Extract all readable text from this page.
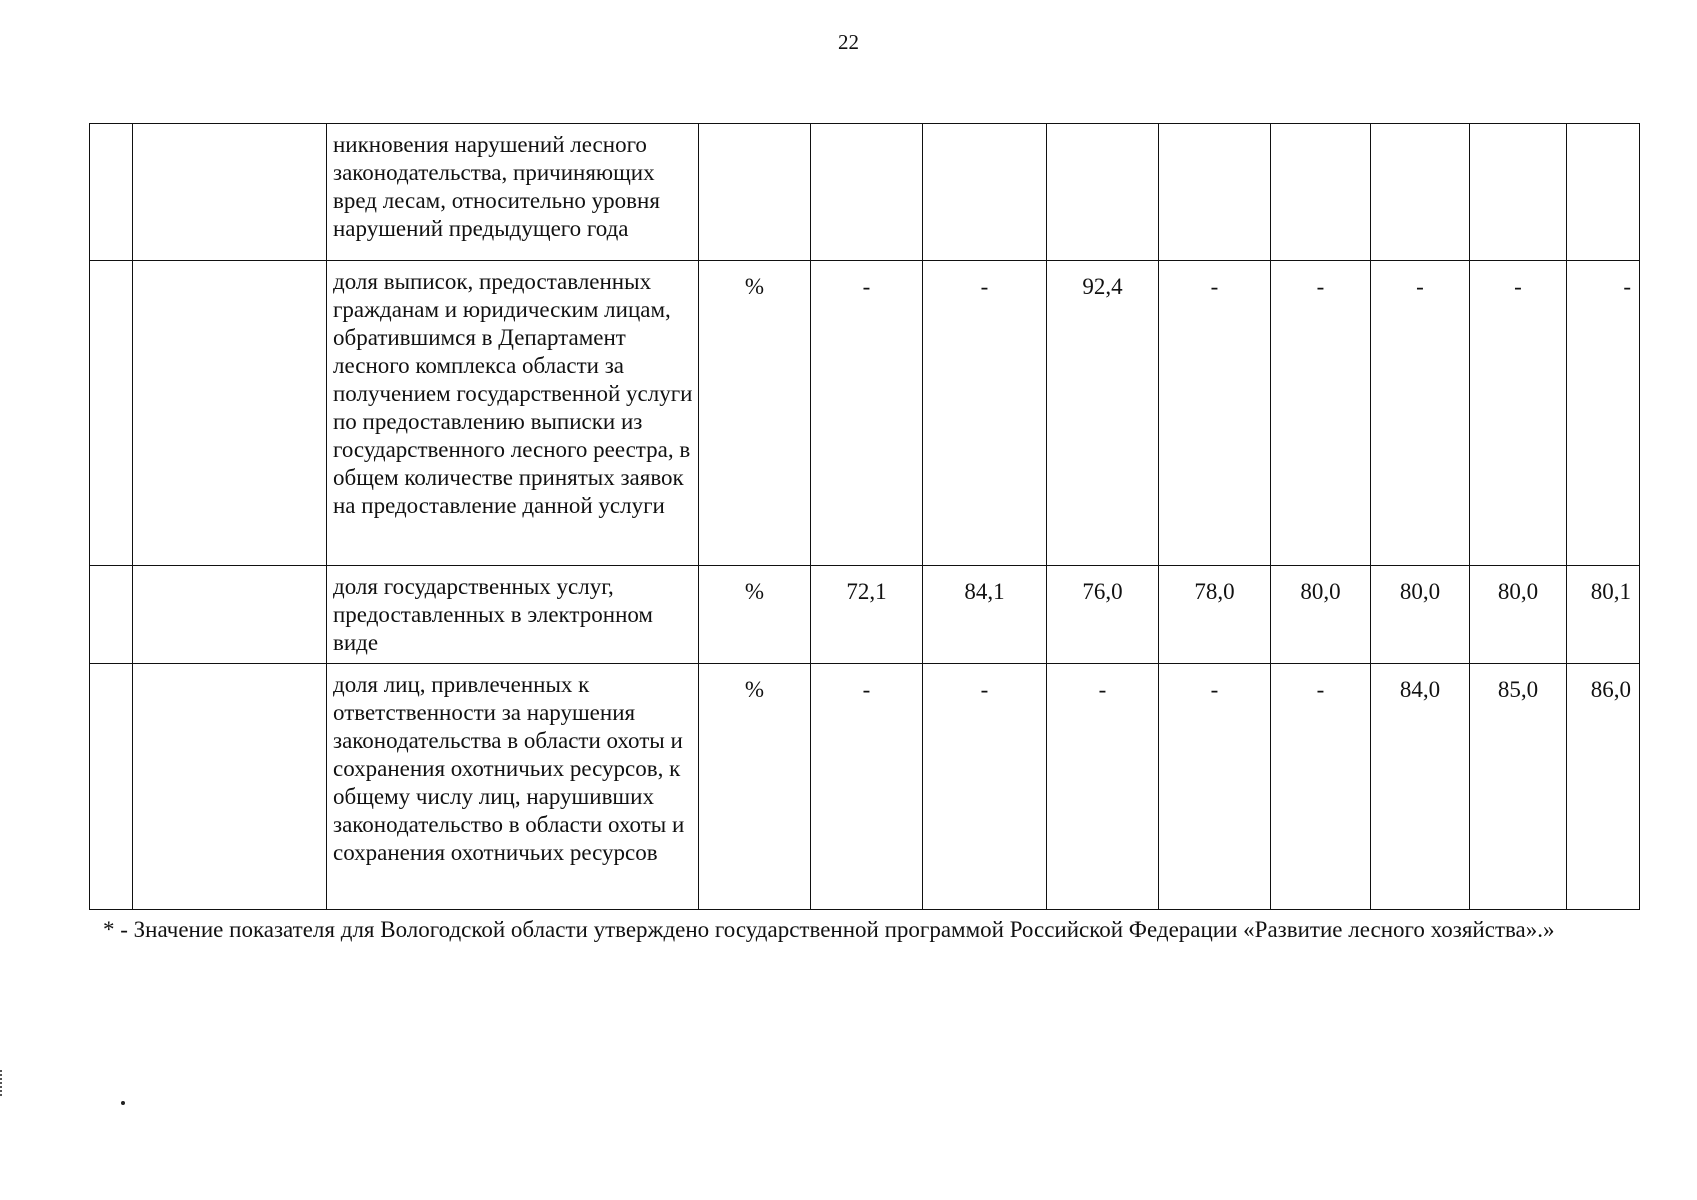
22
		никновения нарушений лесного законодательства, причиняющих вред лесам, относительно уровня нарушений предыдущего года									
		доля выписок, предоставленных гражданам и юридическим лицам, обратившимся в Департамент лесного комплекса области за получением государственной услуги по предоставлению выписки из государственного лесного реестра, в общем количестве принятых заявок на предоставление данной услуги	%	-	-	92,4	-	-	-	-	-
		доля государственных услуг, предоставленных в электронном виде	%	72,1	84,1	76,0	78,0	80,0	80,0	80,0	80,1
		доля лиц, привлеченных к ответственности за нарушения законодательства в области охоты и сохранения охотничьих ресурсов, к общему числу лиц, нарушивших законодательство в области охоты и сохранения охотничьих ресурсов	%	-	-	-	-	-	84,0	85,0	86,0
* - Значение показателя для Вологодской области утверждено государственной программой Российской Федерации «Развитие лесного хозяйства».»
